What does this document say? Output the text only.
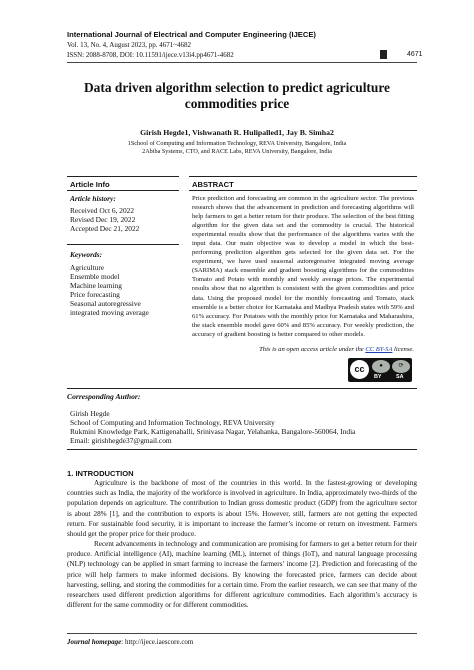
International Journal of Electrical and Computer Engineering (IJECE)
Vol. 13, No. 4, August 2023, pp. 4671~4682
ISSN: 2088-8708, DOI: 10.11591/ijece.v13i4.pp4671-4682	4671
Data driven algorithm selection to predict agriculture
commodities price
Girish Hegde1, Vishwanath R. Hulipalled1, Jay B. Simha2
1School of Computing and Information Technology, REVA University, Bangalore, India
2Abiba Systems, CTO, and RACE Labs, REVA University, Bangalore, India
Article Info	ABSTRACT
Article history:
Received Oct 6, 2022
Revised Dec 19, 2022
Accepted Dec 21, 2022
Keywords:
Agriculture
Ensemble model
Machine learning
Price forecasting
Seasonal autoregressive
integrated moving average
Price prediction and forecasting are common in the agriculture sector. The previous research shows that the advancement in prediction and forecasting algorithms will help farmers to get a better return for their produce. The selection of the best fitting algorithm for the given data set and the commodity is crucial. The historical experimental results show that the performance of the algorithms varies with the input data. Our main objective was to develop a model in which the best-performing prediction algorithm gets selected for the given data set. For the experiment, we have used seasonal autoregressive integrated moving average (SARIMA) stack ensemble and gradient boosting algorithms for the commodities Tomato and Potato with monthly and weekly average prices. The experimental results show that no algorithm is consistent with the given commodities and price data. Using the proposed model for the monthly forecasting and Tomato, stack ensemble is a better choice for Karnataka and Madhya Pradesh states with 59% and 61% accuracy. For Potatoes with the monthly price for Karnataka and Maharashtra, the stack ensemble model gave 60% and 85% accuracy. For weekly prediction, the accuracy of gradient boosting is better compared to other models.
This is an open access article under the CC BY-SA license.
cc	●	⟳
BY	SA
Corresponding Author:
Girish Hegde
School of Computing and Information Technology, REVA University
Rukmini Knowledge Park, Kattigenahalli, Srinivasa Nagar, Yelahanka, Bangalore-560064, India
Email: girishhegde37@gmail.com
1. INTRODUCTION
Agriculture is the backbone of most of the countries in this world. In the fastest-growing or developing countries such as India, the majority of the workforce is involved in agriculture. In India, approximately two-thirds of the population depends on agriculture. The contribution to Indian gross domestic product (GDP) from the agriculture sector is about 28% [1], and the contribution to exports is about 15%. However, still, farmers are not getting the expected return. For sustainable food security, it is important to increase the farmer’s income or return on investment. Farmers should get the proper price for their produce.
Recent advancements in technology and communication are promising for farmers to get a better return for their produce. Artificial intelligence (AI), machine learning (ML), internet of things (IoT), and natural language processing (NLP) technology can be applied in smart farming to increase the farmers’ income [2]. Prediction and forecasting of the price will help farmers to make informed decisions. By knowing the forecasted price, farmers can decide about harvesting, selling, and storing the commodities for a certain time. From the earlier research, we can see that many of the researchers used different prediction algorithms for different agriculture commodities. Each algorithm’s accuracy is different for the same commodity or for different commodities.
Journal homepage: http://ijece.iaescore.com
